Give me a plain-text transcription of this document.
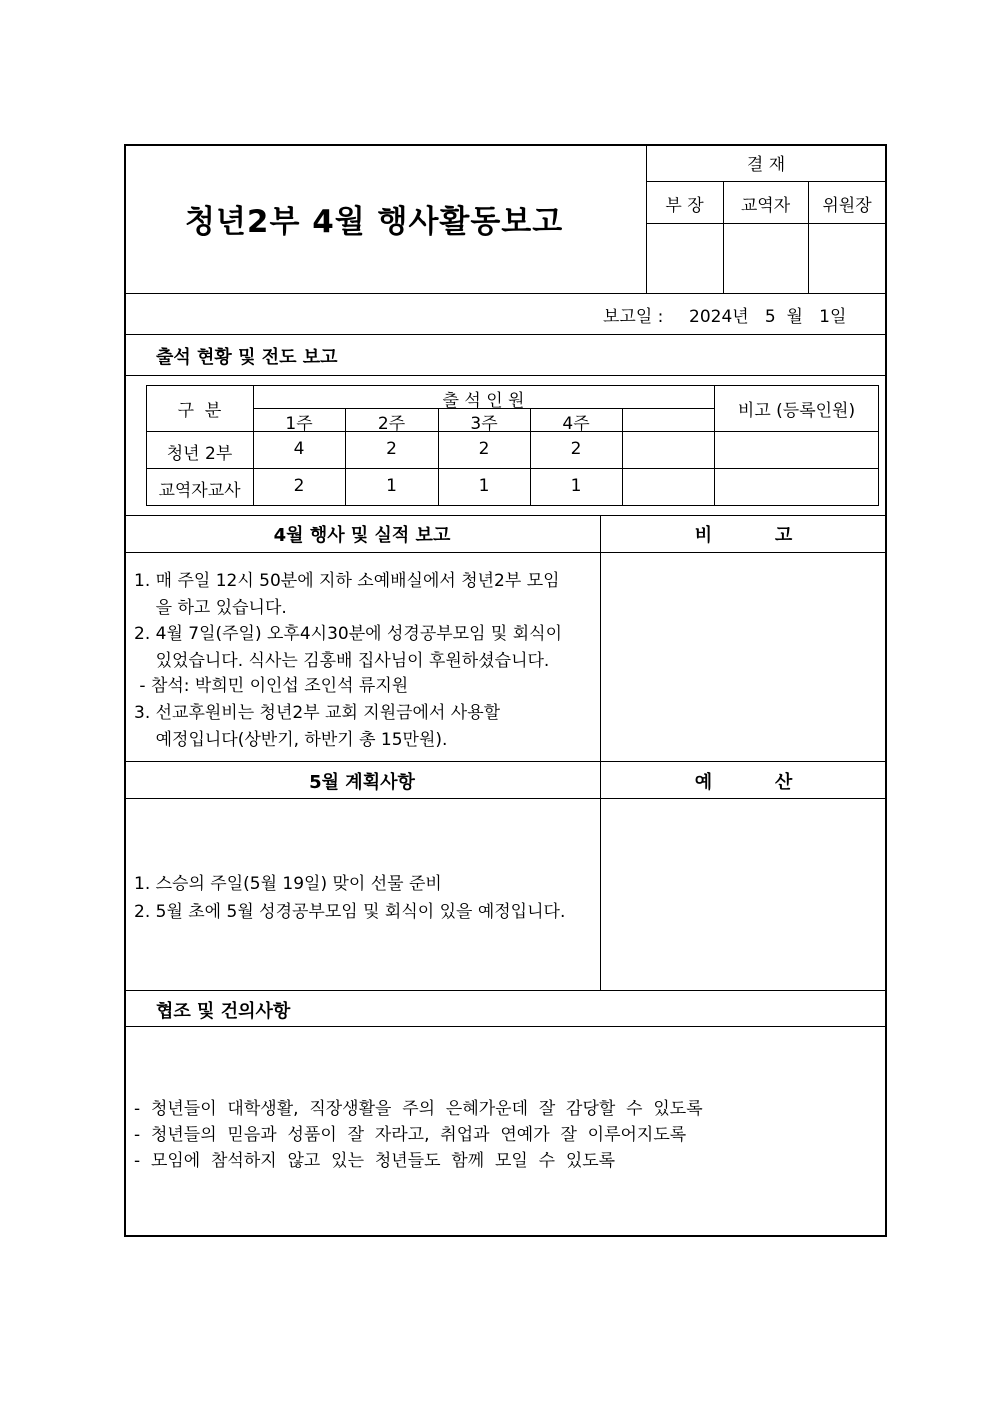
청년2부 4월 행사활동보고
결 재
부 장	교역자	위원장
보고일 : 2024년   5  월   1일
출석 현황 및 전도 보고
구  분	출 석 인 원	비고 (등록인원)
1주	2주	3주	4주
청년 2부	4	2	2	2
교역자교사	2	1	1	1
4월 행사 및 실적 보고	비          고
1. 매 주일 12시 50분에 지하 소예배실에서 청년2부 모임
을 하고 있습니다.
2. 4월 7일(주일) 오후4시30분에 성경공부모임 및 회식이
있었습니다. 식사는 김홍배 집사님이 후원하셨습니다.
- 참석: 박희민 이인섭 조인석 류지원
3. 선교후원비는 청년2부 교회 지원금에서 사용할
예정입니다(상반기, 하반기 총 15만원).
5월 계획사항	예          산
1. 스승의 주일(5월 19일) 맞이 선물 준비
2. 5월 초에 5월 성경공부모임 및 회식이 있을 예정입니다.
협조 및 건의사항
-  청년들이  대학생활,  직장생활을  주의  은혜가운데  잘  감당할  수  있도록
-  청년들의  믿음과  성품이  잘  자라고,  취업과  연예가  잘  이루어지도록
-  모임에  참석하지  않고  있는  청년들도  함께  모일  수  있도록
